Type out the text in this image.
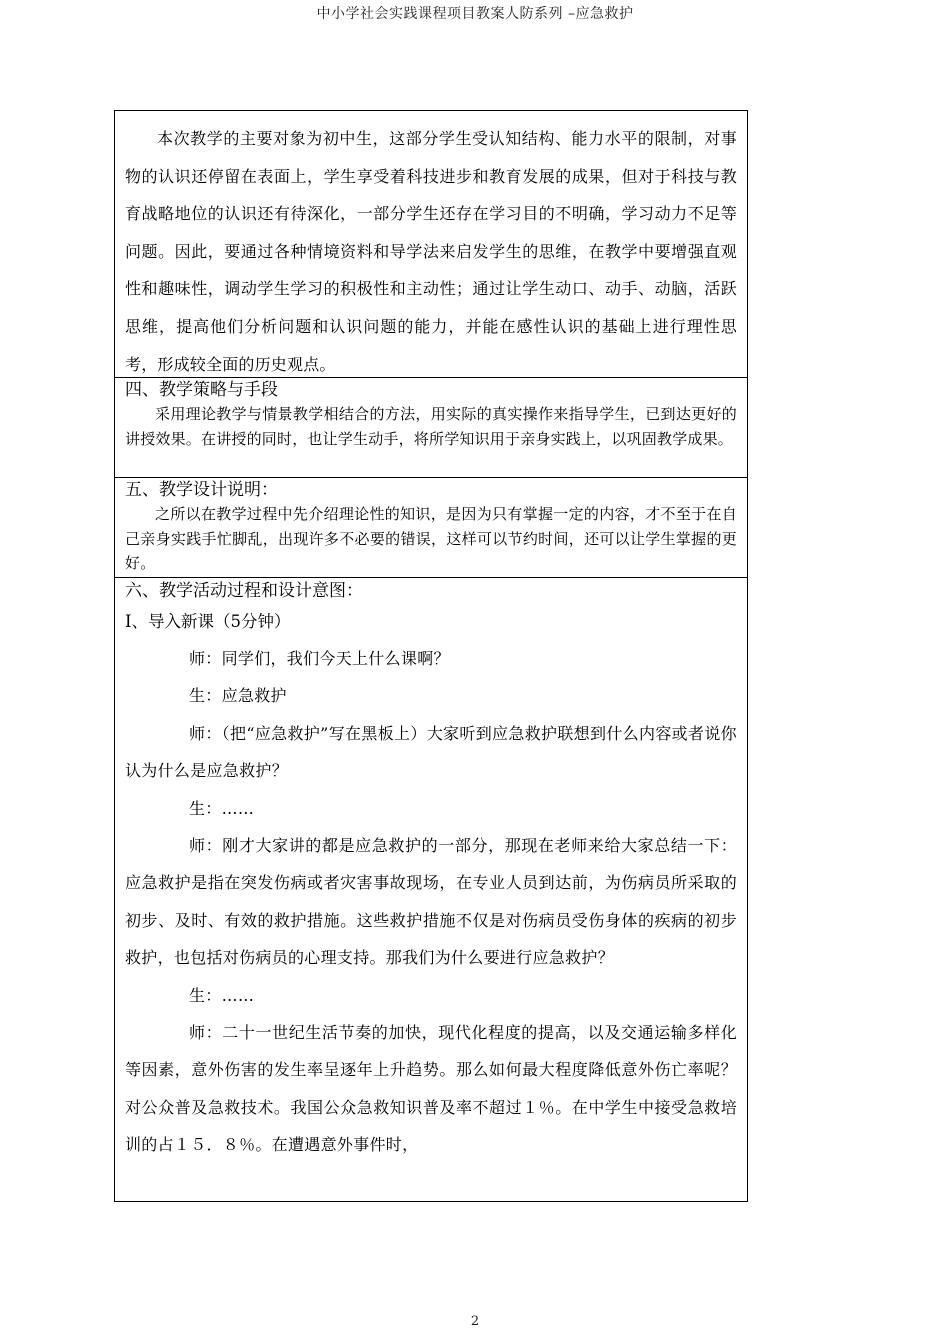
中小学社会实践课程项目教案人防系列 –应急救护

本次教学的主要对象为初中生，这部分学生受认知结构、能力水平的限制，对事物的认识还停留在表面上，学生享受着科技进步和教育发展的成果，但对于科技与教育战略地位的认识还有待深化，一部分学生还存在学习目的不明确，学习动力不足等问题。因此，要通过各种情境资料和导学法来启发学生的思维，在教学中要增强直观性和趣味性，调动学生学习的积极性和主动性；通过让学生动口、动手、动脑，活跃思维，提高他们分析问题和认识问题的能力，并能在感性认识的基础上进行理性思考，形成较全面的历史观点。

四、教学策略与手段

采用理论教学与情景教学相结合的方法，用实际的真实操作来指导学生，已到达更好的讲授效果。在讲授的同时，也让学生动手，将所学知识用于亲身实践上，以巩固教学成果。

五、教学设计说明：

之所以在教学过程中先介绍理论性的知识，是因为只有掌握一定的内容，才不至于在自己亲身实践手忙脚乱，出现许多不必要的错误，这样可以节约时间，还可以让学生掌握的更好。

六、教学活动过程和设计意图：

Ⅰ、导入新课（5分钟）

师：同学们，我们今天上什么课啊？

生：应急救护

师：（把“应急救护”写在黑板上）大家听到应急救护联想到什么内容或者说你认为什么是应急救护？

生：……

师：刚才大家讲的都是应急救护的一部分，那现在老师来给大家总结一下：应急救护是指在突发伤病或者灾害事故现场，在专业人员到达前，为伤病员所采取的初步、及时、有效的救护措施。这些救护措施不仅是对伤病员受伤身体的疾病的初步救护，也包括对伤病员的心理支持。那我们为什么要进行应急救护？

生：……

师：二十一世纪生活节奏的加快，现代化程度的提高，以及交通运输多样化等因素，意外伤害的发生率呈逐年上升趋势。那么如何最大程度降低意外伤亡率呢？对公众普及急救技术。我国公众急救知识普及率不超过１％。在中学生中接受急救培训的占１５．８％。在遭遇意外事件时，

2
